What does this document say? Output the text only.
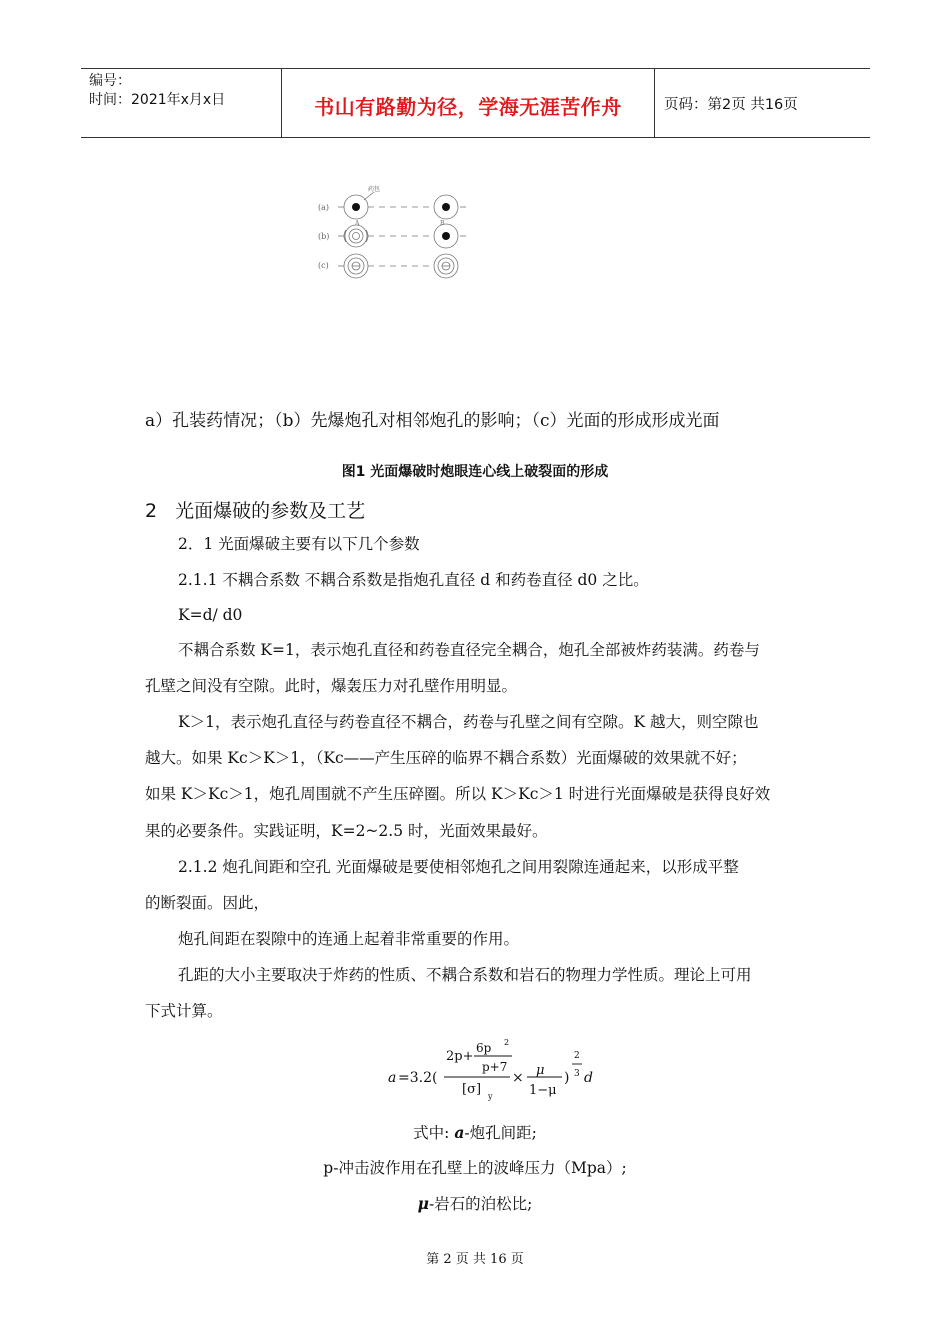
编号：
时间：2021年x月x日	书山有路勤为径，学海无涯苦作舟	页码：第2页 共16页
(a)
(b)
(c)
药包
A	B
a）孔装药情况；（b）先爆炮孔对相邻炮孔的影响；（c）光面的形成形成光面
图1 光面爆破时炮眼连心线上破裂面的形成
2 光面爆破的参数及工艺
2．1 光面爆破主要有以下几个参数
2.1.1 不耦合系数 不耦合系数是指炮孔直径 d 和药卷直径 d0 之比。
K=d/ d0
不耦合系数 K=1，表示炮孔直径和药卷直径完全耦合，炮孔全部被炸药装满。药卷与
孔壁之间没有空隙。此时，爆轰压力对孔壁作用明显。
K＞1，表示炮孔直径与药卷直径不耦合，药卷与孔壁之间有空隙。K 越大，则空隙也
越大。如果 Kc＞K＞1，（Kc——产生压碎的临界不耦合系数）光面爆破的效果就不好；
如果 K＞Kc＞1，炮孔周围就不产生压碎圈。所以 K＞Kc＞1 时进行光面爆破是获得良好效
果的必要条件。实践证明，K=2~2.5 时，光面效果最好。
2.1.2 炮孔间距和空孔 光面爆破是要使相邻炮孔之间用裂隙连通起来，以形成平整
的断裂面。因此，
炮孔间距在裂隙中的连通上起着非常重要的作用。
孔距的大小主要取决于炸药的性质、不耦合系数和岩石的物理力学性质。理论上可用
下式计算。
a =3.2(
2p+
6p 2
p+7
[σ] y
× μ
1−μ
)
2
3 d
式中: a-炮孔间距;
p-冲击波作用在孔壁上的波峰压力（Mpa）;
μ-岩石的泊松比;
第 2 页 共 16 页
